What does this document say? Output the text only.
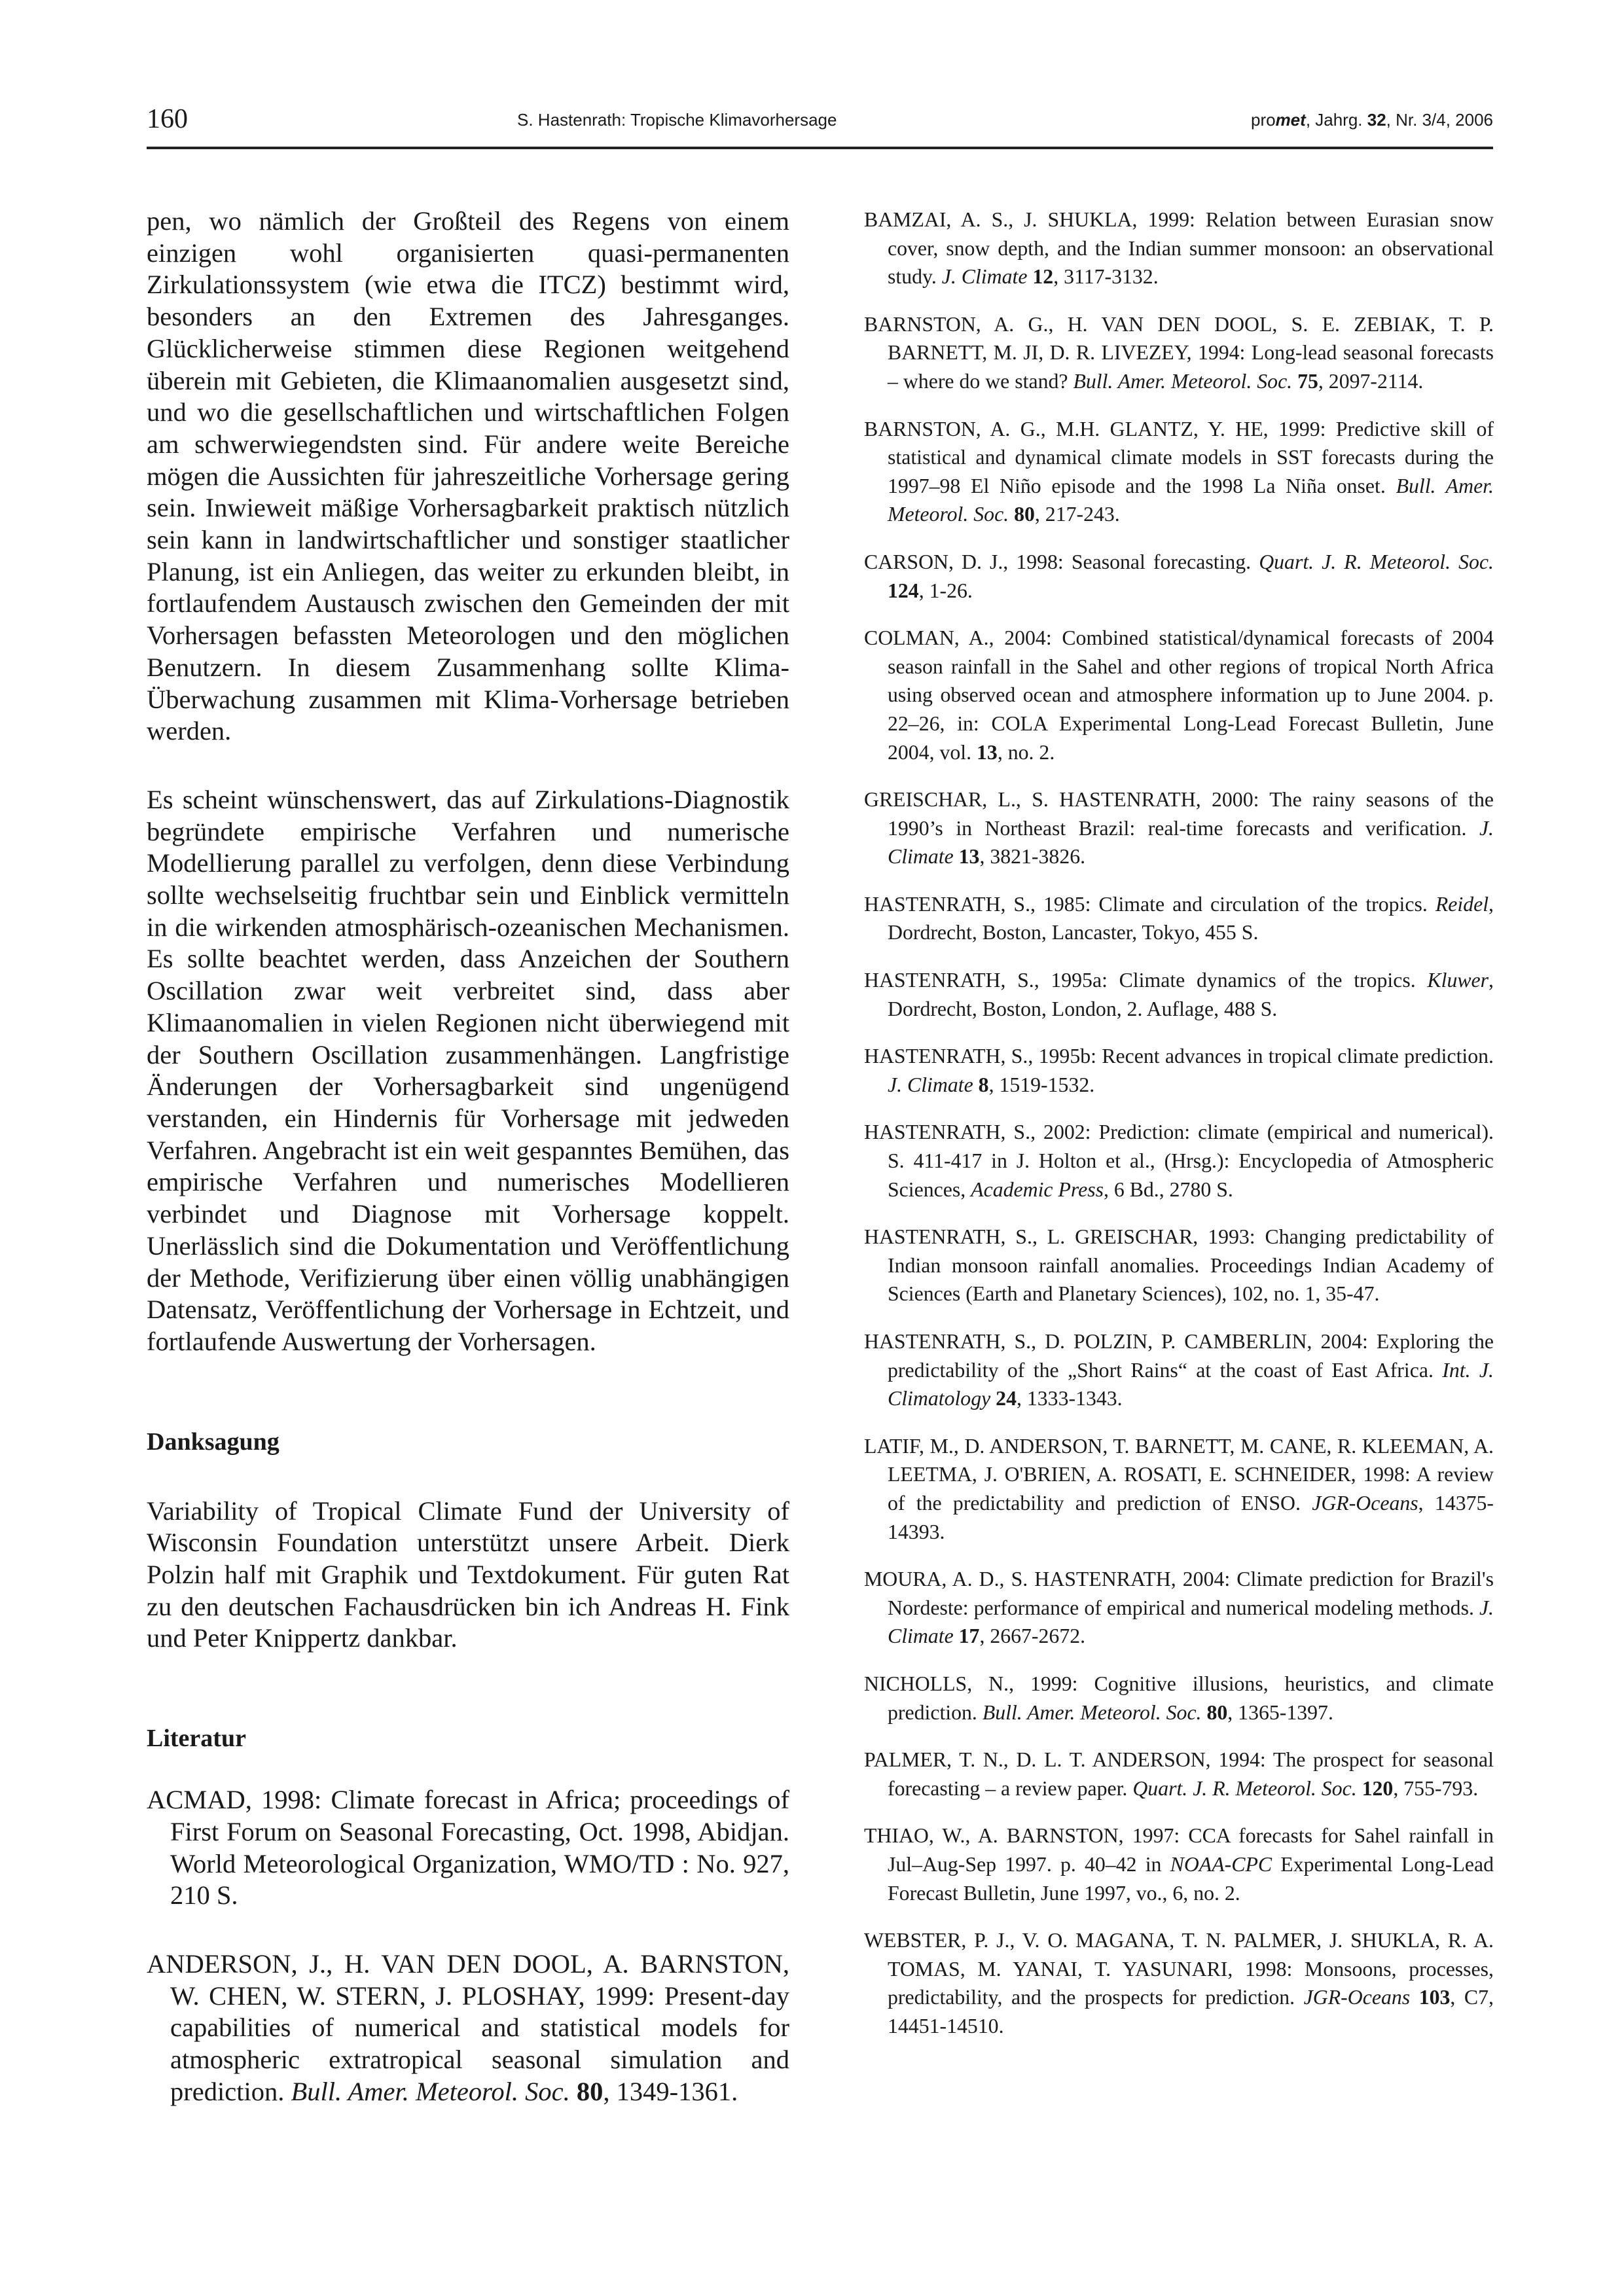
160	S. Hastenrath: Tropische Klimavorhersage	promet, Jahrg. 32, Nr. 3/4, 2006

pen, wo nämlich der Großteil des Regens von einem einzigen wohl organisierten quasi-permanenten Zirkulationssystem (wie etwa die ITCZ) bestimmt wird, besonders an den Extremen des Jahresganges. Glücklicherweise stimmen diese Regionen weitgehend überein mit Gebieten, die Klimaanomalien ausgesetzt sind, und wo die gesellschaftlichen und wirtschaftlichen Folgen am schwerwiegendsten sind. Für andere weite Bereiche mögen die Aussichten für jahreszeitliche Vorhersage gering sein. Inwieweit mäßige Vorhersagbarkeit praktisch nützlich sein kann in landwirtschaftlicher und sonstiger staatlicher Planung, ist ein Anliegen, das weiter zu erkunden bleibt, in fortlaufendem Austausch zwischen den Gemeinden der mit Vorhersagen befassten Meteorologen und den möglichen Benutzern. In diesem Zusammenhang sollte Klima-Überwachung zusammen mit Klima-Vorhersage betrieben werden.

Es scheint wünschenswert, das auf Zirkulations-Diagnostik begründete empirische Verfahren und numerische Modellierung parallel zu verfolgen, denn diese Verbindung sollte wechselseitig fruchtbar sein und Einblick vermitteln in die wirkenden atmosphärisch-ozeanischen Mechanismen. Es sollte beachtet werden, dass Anzeichen der Southern Oscillation zwar weit verbreitet sind, dass aber Klimaanomalien in vielen Regionen nicht überwiegend mit der Southern Oscillation zusammenhängen. Langfristige Änderungen der Vorhersagbarkeit sind ungenügend verstanden, ein Hindernis für Vorhersage mit jedweden Verfahren. Angebracht ist ein weit gespanntes Bemühen, das empirische Verfahren und numerisches Modellieren verbindet und Diagnose mit Vorhersage koppelt. Unerlässlich sind die Dokumentation und Veröffentlichung der Methode, Verifizierung über einen völlig unabhängigen Datensatz, Veröffentlichung der Vorhersage in Echtzeit, und fortlaufende Auswertung der Vorhersagen.

Danksagung

Variability of Tropical Climate Fund der University of Wisconsin Foundation unterstützt unsere Arbeit. Dierk Polzin half mit Graphik und Textdokument. Für guten Rat zu den deutschen Fachausdrücken bin ich Andreas H. Fink und Peter Knippertz dankbar.

Literatur

ACMAD, 1998: Climate forecast in Africa; proceedings of First Forum on Seasonal Forecasting, Oct. 1998, Abidjan. World Meteorological Organization, WMO/TD : No. 927, 210 S.

ANDERSON, J., H. VAN DEN DOOL, A. BARNSTON, W. CHEN, W. STERN, J. PLOSHAY, 1999: Present-day capabilities of numerical and statistical models for atmospheric extratropical seasonal simulation and prediction. Bull. Amer. Meteorol. Soc. 80, 1349-1361.

BAMZAI, A. S., J. SHUKLA, 1999: Relation between Eurasian snow cover, snow depth, and the Indian summer monsoon: an observational study. J. Climate 12, 3117-3132.

BARNSTON, A. G., H. VAN DEN DOOL, S. E. ZEBIAK, T. P. BARNETT, M. JI, D. R. LIVEZEY, 1994: Long-lead seasonal forecasts – where do we stand? Bull. Amer. Meteorol. Soc. 75, 2097-2114.

BARNSTON, A. G., M.H. GLANTZ, Y. HE, 1999: Predictive skill of statistical and dynamical climate models in SST forecasts during the 1997–98 El Niño episode and the 1998 La Niña onset. Bull. Amer. Meteorol. Soc. 80, 217-243.

CARSON, D. J., 1998: Seasonal forecasting. Quart. J. R. Meteorol. Soc. 124, 1-26.

COLMAN, A., 2004: Combined statistical/dynamical forecasts of 2004 season rainfall in the Sahel and other regions of tropical North Africa using observed ocean and atmosphere information up to June 2004. p. 22–26, in: COLA Experimental Long-Lead Forecast Bulletin, June 2004, vol. 13, no. 2.

GREISCHAR, L., S. HASTENRATH, 2000: The rainy seasons of the 1990’s in Northeast Brazil: real-time forecasts and verification. J. Climate 13, 3821-3826.

HASTENRATH, S., 1985: Climate and circulation of the tropics. Reidel, Dordrecht, Boston, Lancaster, Tokyo, 455 S.

HASTENRATH, S., 1995a: Climate dynamics of the tropics. Kluwer, Dordrecht, Boston, London, 2. Auflage, 488 S.

HASTENRATH, S., 1995b: Recent advances in tropical climate prediction. J. Climate 8, 1519-1532.

HASTENRATH, S., 2002: Prediction: climate (empirical and numerical). S. 411-417 in J. Holton et al., (Hrsg.): Encyclopedia of Atmospheric Sciences, Academic Press, 6 Bd., 2780 S.

HASTENRATH, S., L. GREISCHAR, 1993: Changing predictability of Indian monsoon rainfall anomalies. Proceedings Indian Academy of Sciences (Earth and Planetary Sciences), 102, no. 1, 35-47.

HASTENRATH, S., D. POLZIN, P. CAMBERLIN, 2004: Exploring the predictability of the „Short Rains“ at the coast of East Africa. Int. J. Climatology 24, 1333-1343.

LATIF, M., D. ANDERSON, T. BARNETT, M. CANE, R. KLEEMAN, A. LEETMA, J. O'BRIEN, A. ROSATI, E. SCHNEIDER, 1998: A review of the predictability and prediction of ENSO. JGR-Oceans, 14375-14393.

MOURA, A. D., S. HASTENRATH, 2004: Climate prediction for Brazil's Nordeste: performance of empirical and numerical modeling methods. J. Climate 17, 2667-2672.

NICHOLLS, N., 1999: Cognitive illusions, heuristics, and climate prediction. Bull. Amer. Meteorol. Soc. 80, 1365-1397.

PALMER, T. N., D. L. T. ANDERSON, 1994: The prospect for seasonal forecasting – a review paper. Quart. J. R. Meteorol. Soc. 120, 755-793.

THIAO, W., A. BARNSTON, 1997: CCA forecasts for Sahel rainfall in Jul–Aug-Sep 1997. p. 40–42 in NOAA-CPC Experimental Long-Lead Forecast Bulletin, June 1997, vo., 6, no. 2.

WEBSTER, P. J., V. O. MAGANA, T. N. PALMER, J. SHUKLA, R. A. TOMAS, M. YANAI, T. YASUNARI, 1998: Monsoons, processes, predictability, and the prospects for prediction. JGR-Oceans 103, C7, 14451-14510.
